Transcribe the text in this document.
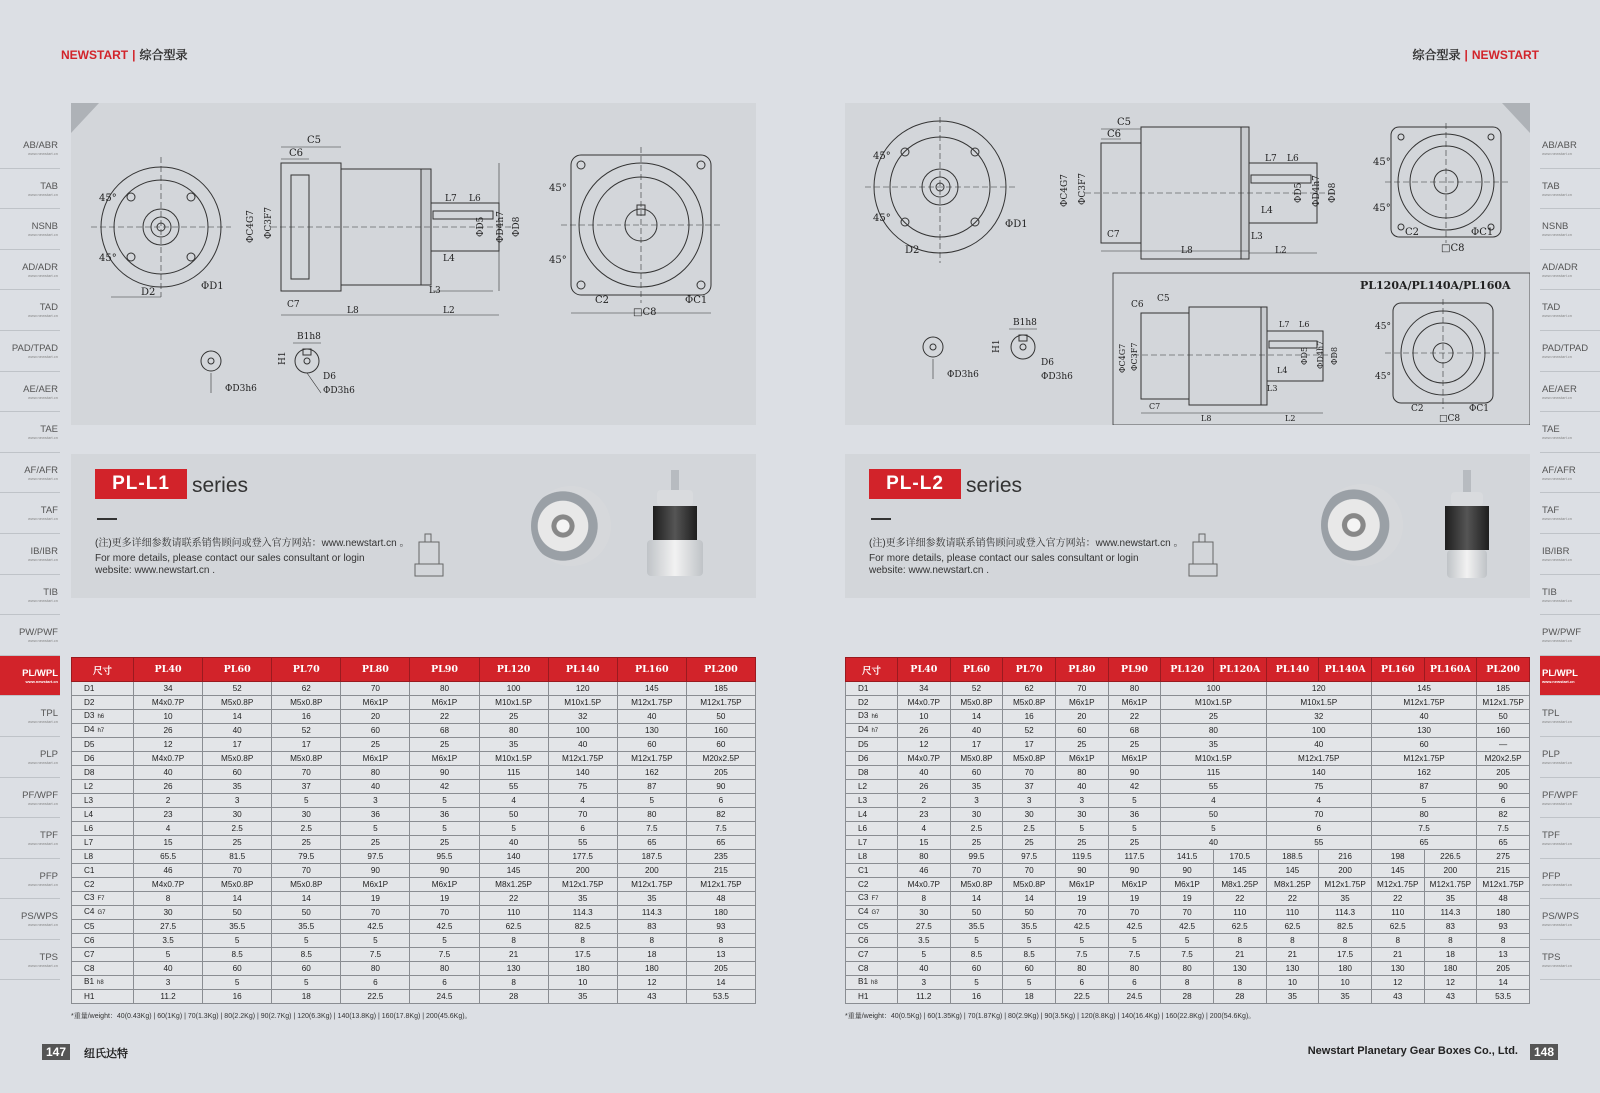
NEWSTART | 综合型录	综合型录 | NEWSTART
AB/ABR
www.newstart.cn
TAB
www.newstart.cn
NSNB
www.newstart.cn
AD/ADR
www.newstart.cn
TAD
www.newstart.cn
PAD/TPAD
www.newstart.cn
AE/AER
www.newstart.cn
TAE
www.newstart.cn
AF/AFR
www.newstart.cn
TAF
www.newstart.cn
IB/IBR
www.newstart.cn
TIB
www.newstart.cn
PW/PWF
www.newstart.cn
PL/WPL
www.newstart.cn
TPL
www.newstart.cn
PLP
www.newstart.cn
PF/WPF
www.newstart.cn
TPF
www.newstart.cn
PFP
www.newstart.cn
PS/WPS
www.newstart.cn
TPS
www.newstart.cn
AB/ABR
www.newstart.cn
TAB
www.newstart.cn
NSNB
www.newstart.cn
AD/ADR
www.newstart.cn
TAD
www.newstart.cn
PAD/TPAD
www.newstart.cn
AE/AER
www.newstart.cn
TAE
www.newstart.cn
AF/AFR
www.newstart.cn
TAF
www.newstart.cn
IB/IBR
www.newstart.cn
TIB
www.newstart.cn
PW/PWF
www.newstart.cn
PL/WPL
www.newstart.cn
TPL
www.newstart.cn
PLP
www.newstart.cn
PF/WPF
www.newstart.cn
TPF
www.newstart.cn
PFP
www.newstart.cn
PS/WPS
www.newstart.cn
TPS
www.newstart.cn
45°
45°
ΦD1
D2
C5
C6
ΦC4G7 ΦC3F7
L7 L6
ΦD5 ΦD4h7 ΦD8
L4
L3
C7
L8	L2
45°
45°
C2	ΦC1
□C8
ΦD3h6
B1h8
H1
D6
ΦD3h6
45°
45°
ΦD1
D2
C5
C6
ΦC4G7 ΦC3F7
L7 L6
ΦD5 ΦD4h7 ΦD8
L4
C7
L8
L3
L2
45°
45°
C2	ΦC1
□C8
ΦD3h6
B1h8
H1
D6
ΦD3h6
PL120A/PL140A/PL160A
C6
C5
ΦC4G7 ΦC3F7
L7 L6
ΦD5 ΦD4h7 ΦD8
L4
L3
C7
L8	L2
45°
45°
C2
□C8
ΦC1
PL-L1	series
(注)更多详细参数请联系销售顾问或登入官方网站：www.newstart.cn 。
For more details, please contact our sales consultant or login website: www.newstart.cn .
PL-L2	series
(注)更多详细参数请联系销售顾问或登入官方网站：www.newstart.cn 。
For more details, please contact our sales consultant or login website: www.newstart.cn .
尺寸	PL40	PL60	PL70	PL80	PL90	PL120	PL140	PL160	PL200
D1	34	52	62	70	80	100	120	145	185
D2	M4x0.7P	M5x0.8P	M5x0.8P	M6x1P	M6x1P	M10x1.5P	M10x1.5P	M12x1.75P	M12x1.75P
D3 h6	10	14	16	20	22	25	32	40	50
D4 h7	26	40	52	60	68	80	100	130	160
D5	12	17	17	25	25	35	40	60	60
D6	M4x0.7P	M5x0.8P	M5x0.8P	M6x1P	M6x1P	M10x1.5P	M12x1.75P	M12x1.75P	M20x2.5P
D8	40	60	70	80	90	115	140	162	205
L2	26	35	37	40	42	55	75	87	90
L3	2	3	5	3	5	4	4	5	6
L4	23	30	30	36	36	50	70	80	82
L6	4	2.5	2.5	5	5	5	6	7.5	7.5
L7	15	25	25	25	25	40	55	65	65
L8	65.5	81.5	79.5	97.5	95.5	140	177.5	187.5	235
C1	46	70	70	90	90	145	200	200	215
C2	M4x0.7P	M5x0.8P	M5x0.8P	M6x1P	M6x1P	M8x1.25P	M12x1.75P	M12x1.75P	M12x1.75P
C3 F7	8	14	14	19	19	22	35	35	48
C4 G7	30	50	50	70	70	110	114.3	114.3	180
C5	27.5	35.5	35.5	42.5	42.5	62.5	82.5	83	93
C6	3.5	5	5	5	5	8	8	8	8
C7	5	8.5	8.5	7.5	7.5	21	17.5	18	13
C8	40	60	60	80	80	130	180	180	205
B1 h8	3	5	5	6	6	8	10	12	14
H1	11.2	16	18	22.5	24.5	28	35	43	53.5
尺寸	PL40	PL60	PL70	PL80	PL90	PL120	PL120A	PL140	PL140A	PL160	PL160A	PL200
D1	34	52	62	70	80	100		120		145		185
D2	M4x0.7P	M5x0.8P	M5x0.8P	M6x1P	M6x1P	M10x1.5P		M10x1.5P		M12x1.75P		M12x1.75P
D3 h6	10	14	16	20	22	25		32		40		50
D4 h7	26	40	52	60	68	80		100		130		160
D5	12	17	17	25	25	35		40		60		—
D6	M4x0.7P	M5x0.8P	M5x0.8P	M6x1P	M6x1P	M10x1.5P		M12x1.75P		M12x1.75P		M20x2.5P
D8	40	60	70	80	90	115		140		162		205
L2	26	35	37	40	42	55		75		87		90
L3	2	3	3	3	5	4		4		5		6
L4	23	30	30	30	36	50		70		80		82
L6	4	2.5	2.5	5	5	5		6		7.5		7.5
L7	15	25	25	25	25	40		55		65		65
L8	80	99.5	97.5	119.5	117.5	141.5	170.5	188.5	216	198	226.5	275
C1	46	70	70	90	90	90	145	145	200	145	200	215
C2	M4x0.7P	M5x0.8P	M5x0.8P	M6x1P	M6x1P	M6x1P	M8x1.25P	M8x1.25P	M12x1.75P	M12x1.75P	M12x1.75P	M12x1.75P
C3 F7	8	14	14	19	19	19	22	22	35	22	35	48
C4 G7	30	50	50	70	70	70	110	110	114.3	110	114.3	180
C5	27.5	35.5	35.5	42.5	42.5	42.5	62.5	62.5	82.5	62.5	83	93
C6	3.5	5	5	5	5	5	8	8	8	8	8	8
C7	5	8.5	8.5	7.5	7.5	7.5	21	21	17.5	21	18	13
C8	40	60	60	80	80	80	130	130	180	130	180	205
B1 h8	3	5	5	6	6	8	8	10	10	12	12	14
H1	11.2	16	18	22.5	24.5	28	28	35	35	43	43	53.5
*重量/weight：40(0.43Kg) | 60(1Kg) | 70(1.3Kg) | 80(2.2Kg) | 90(2.7Kg) | 120(6.3Kg) | 140(13.8Kg) | 160(17.8Kg) | 200(45.6Kg)。	*重量/weight：40(0.5Kg) | 60(1.35Kg) | 70(1.87Kg) | 80(2.9Kg) | 90(3.5Kg) | 120(8.8Kg) | 140(16.4Kg) | 160(22.8Kg) | 200(54.6Kg)。
147	纽氏达特	Newstart Planetary Gear Boxes Co., Ltd.	148
